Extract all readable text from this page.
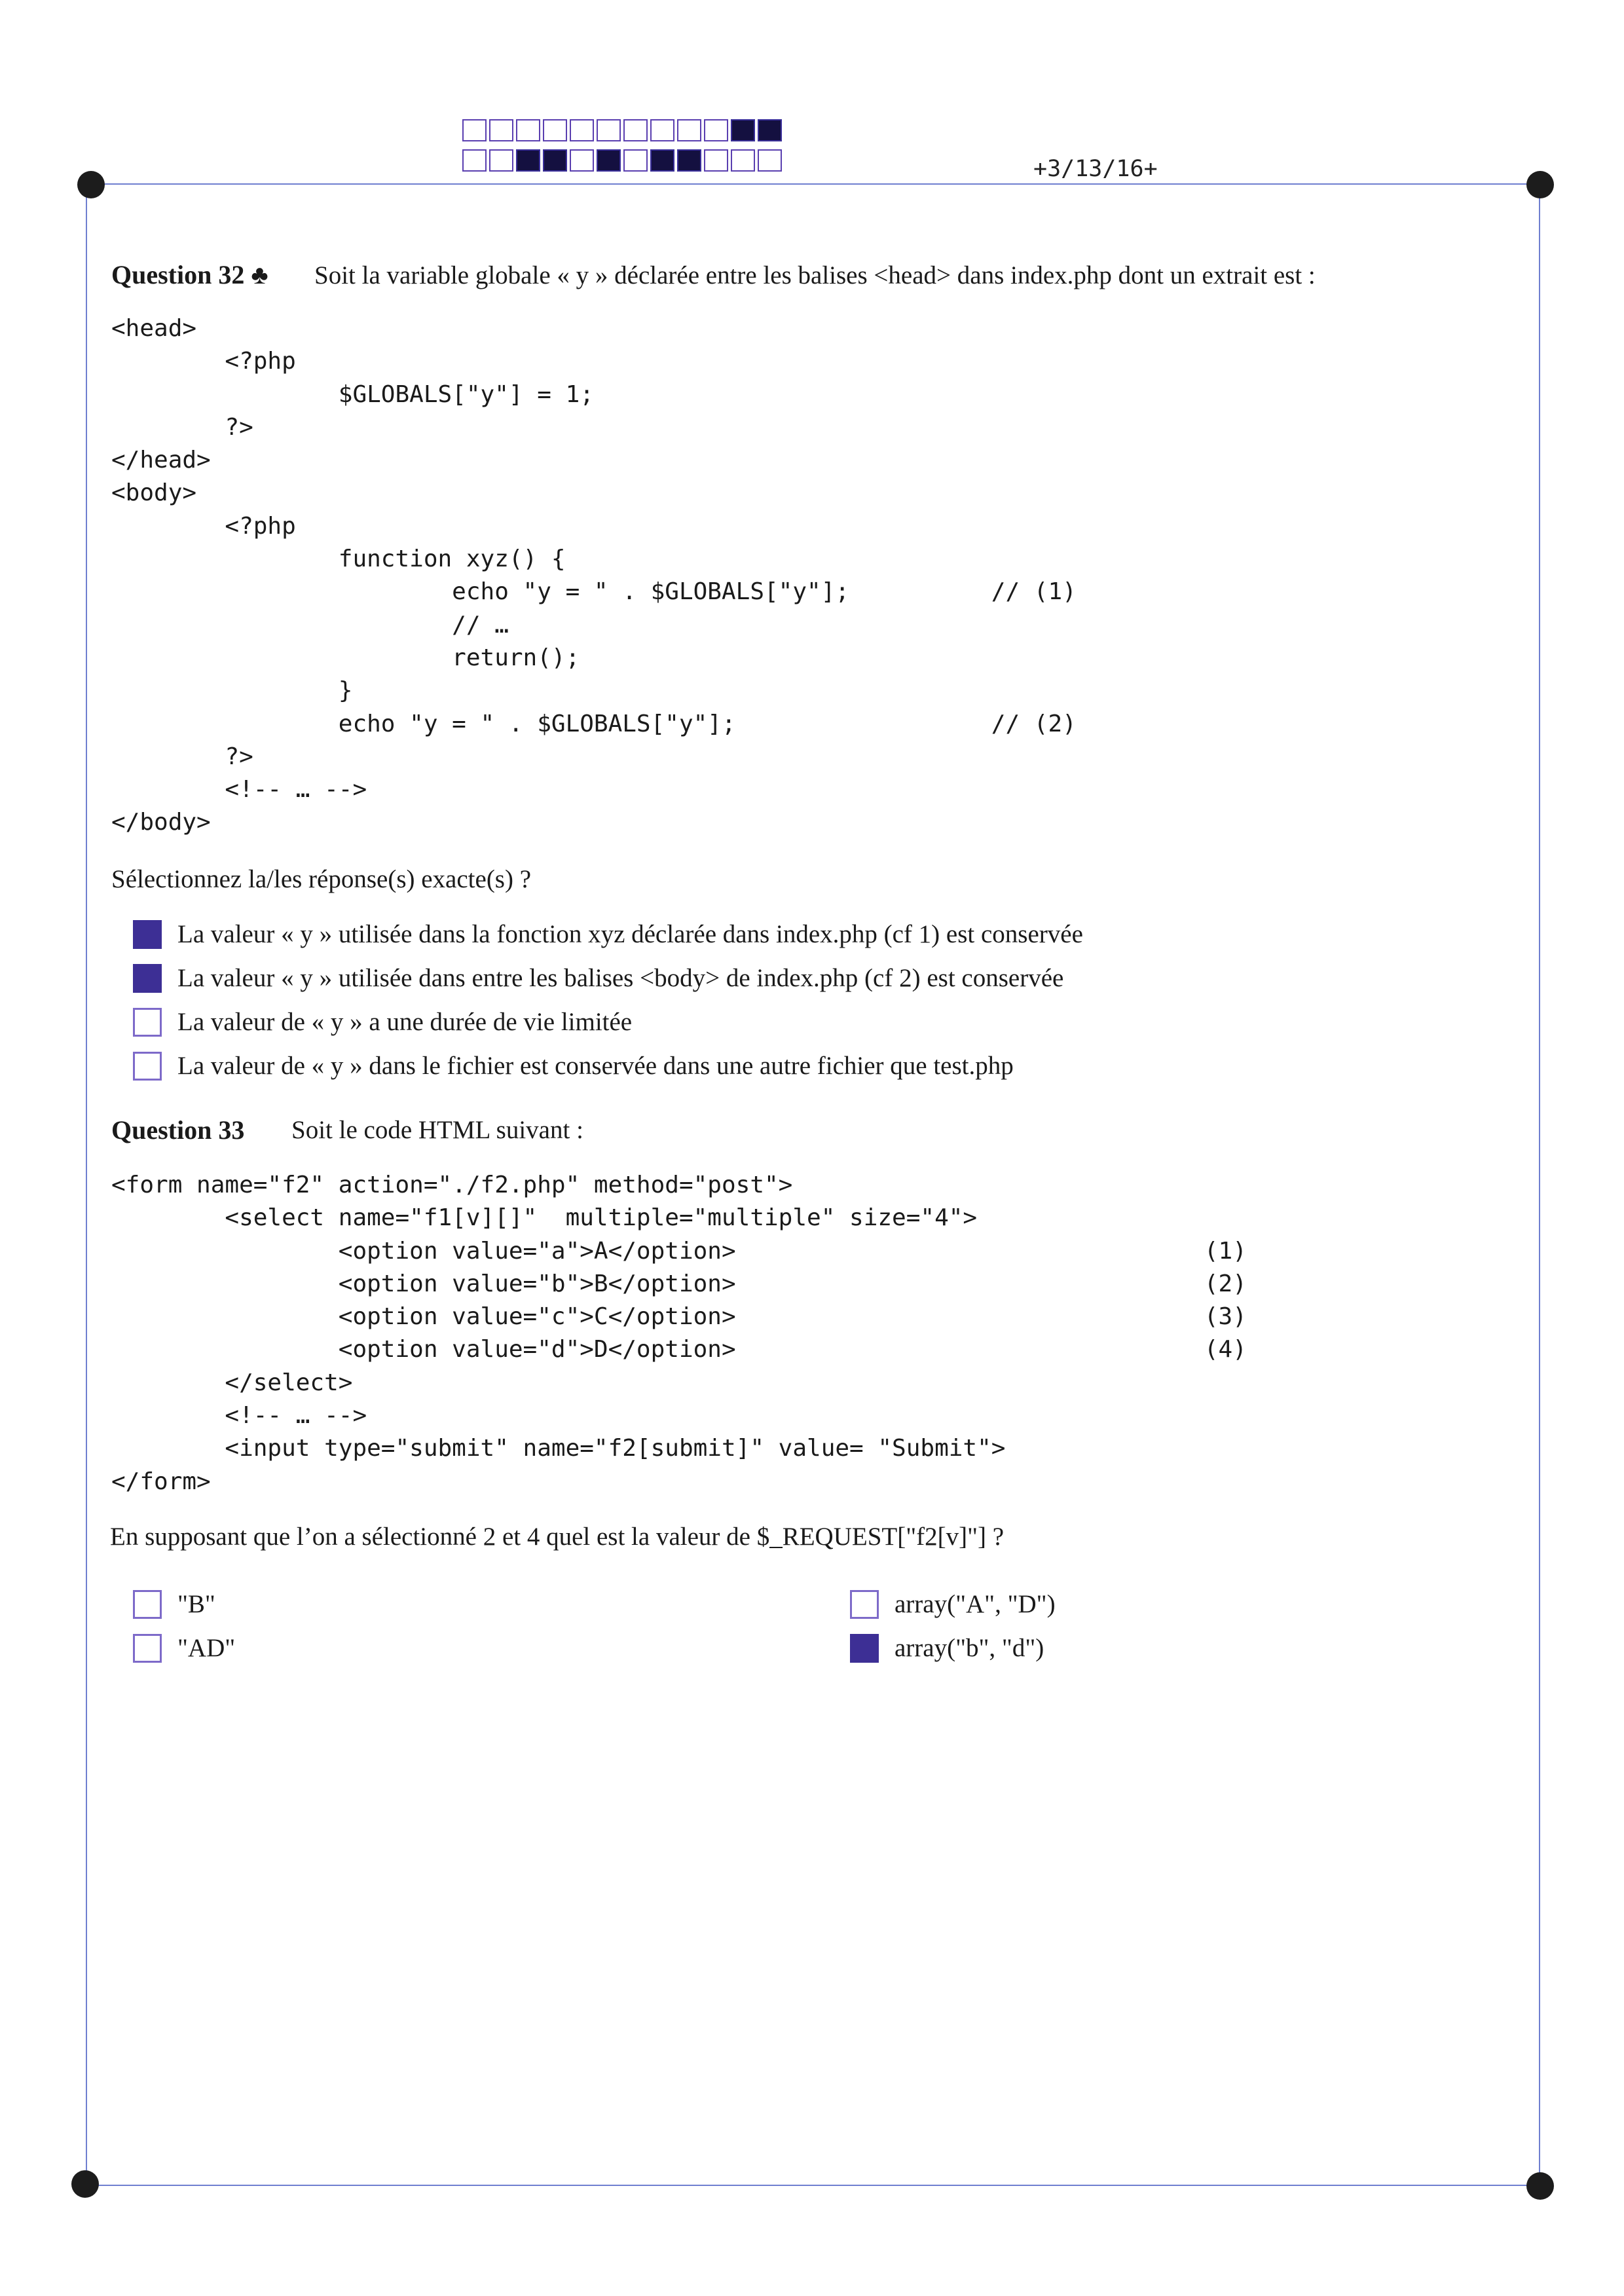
+3/13/16+
Question 32 ♣ Soit la variable globale « y » déclarée entre les balises <head> dans index.php dont un extrait est :
<head>
<?php
$GLOBALS["y"] = 1;
?>
</head>
<body>
<?php
function xyz() {
echo "y = " . $GLOBALS["y"];          // (1)
// …
return();
}
echo "y = " . $GLOBALS["y"];                  // (2)
?>
<!-- … -->
</body>
Sélectionnez la/les réponse(s) exacte(s) ?
La valeur « y » utilisée dans la fonction xyz déclarée dans index.php (cf 1) est conservée
La valeur « y » utilisée dans entre les balises <body> de index.php (cf 2) est conservée
La valeur de « y » a une durée de vie limitée
La valeur de « y » dans le fichier est conservée dans une autre fichier que test.php
Question 33 Soit le code HTML suivant :
<form name="f2" action="./f2.php" method="post">
<select name="f1[v][]"  multiple="multiple" size="4">
<option value="a">A</option>                                 (1)
<option value="b">B</option>                                 (2)
<option value="c">C</option>                                 (3)
<option value="d">D</option>                                 (4)
</select>
<!-- … -->
<input type="submit" name="f2[submit]" value= "Submit">
</form>
En supposant que l’on a sélectionné 2 et 4 quel est la valeur de $_REQUEST["f2[v]"] ?
"B"	array("A", "D")
"AD"	array("b", "d")
